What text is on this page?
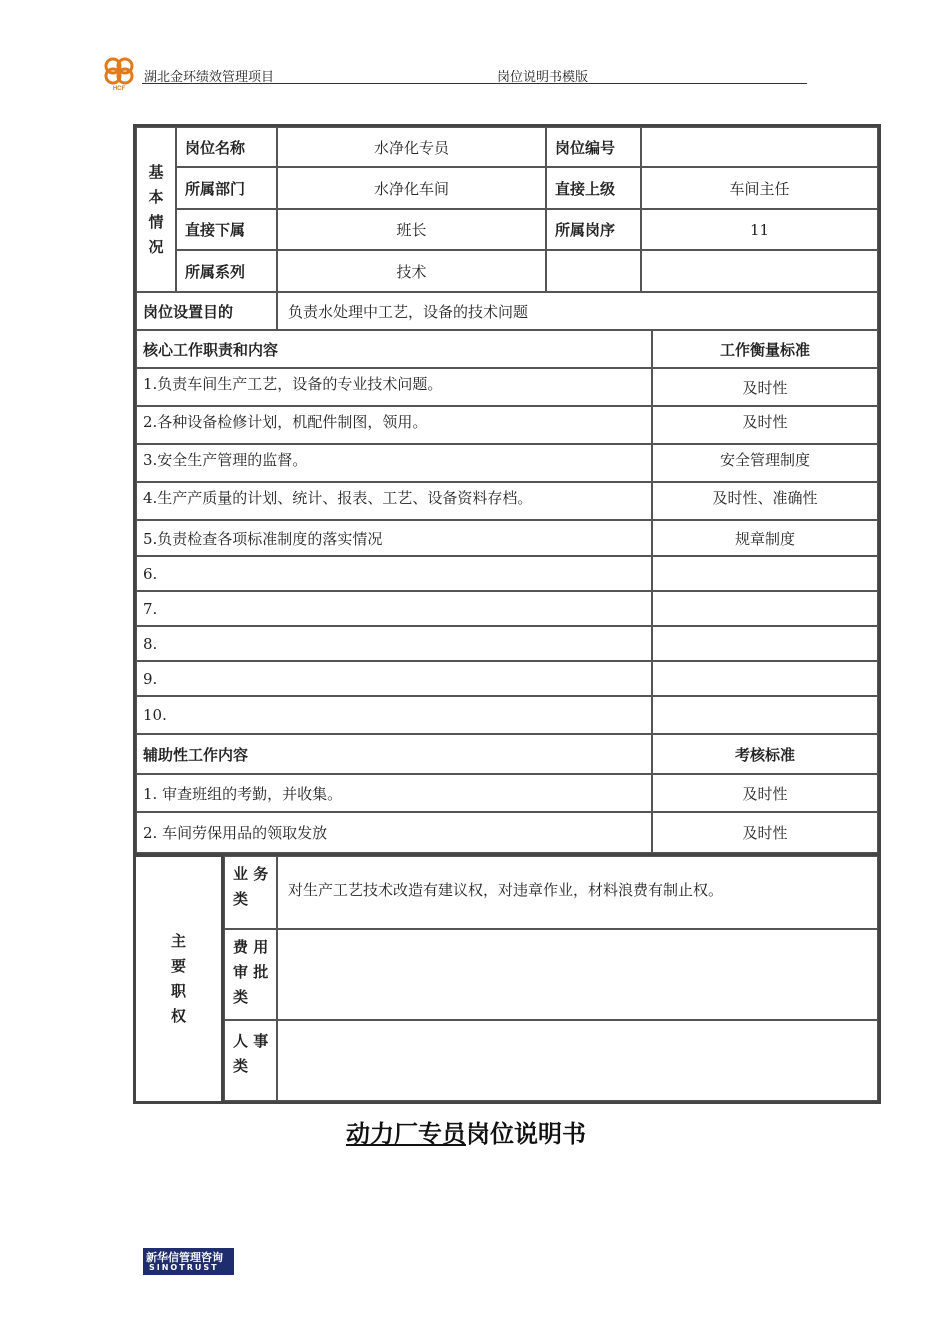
HCF
湖北金环绩效管理项目	岗位说明书模版
基
本
情
况
岗位名称	水净化专员	岗位编号
所属部门	水净化车间	直接上级	车间主任
直接下属	班长	所属岗序	11
所属系列	技术
岗位设置目的	负责水处理中工艺，设备的技术问题
核心工作职责和内容	工作衡量标准
1.负责车间生产工艺，设备的专业技术问题。	及时性
2.各种设备检修计划，机配件制图，领用。	及时性
3.安全生产管理的监督。	安全管理制度
4.生产产质量的计划、统计、报表、工艺、设备资料存档。	及时性、准确性
5.负责检查各项标准制度的落实情况	规章制度
6.
7.
8.
9.
10.
辅助性工作内容	考核标准
1. 审查班组的考勤，并收集。	及时性
2. 车间劳保用品的领取发放	及时性
主
要
职
权
业 务
类	对生产工艺技术改造有建议权，对违章作业，材料浪费有制止权。
费 用
审 批
类
人 事
类
动力厂专员岗位说明书
新华信管理咨询
SINOTRUST
